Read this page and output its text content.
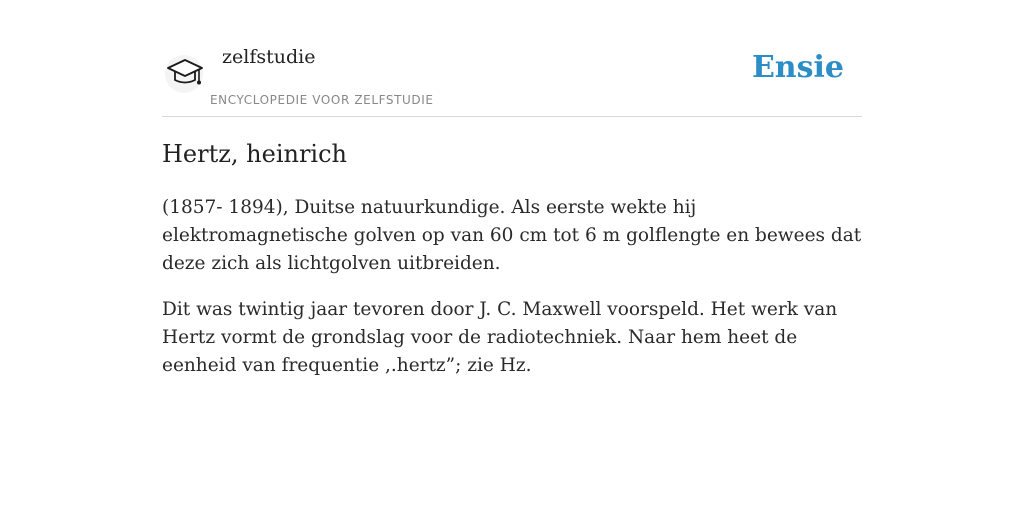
zelfstudie
ENCYCLOPEDIE VOOR ZELFSTUDIE
Ensie
Hertz, heinrich

(1857- 1894), Duitse natuurkundige. Als eerste wekte hij elektromagnetische golven op van 60 cm tot 6 m golflengte en bewees dat deze zich als lichtgolven uitbreiden.

Dit was twintig jaar tevoren door J. C. Maxwell voorspeld. Het werk van Hertz vormt de grondslag voor de radiotechniek. Naar hem heet de eenheid van frequentie ,.hertz”; zie Hz.
